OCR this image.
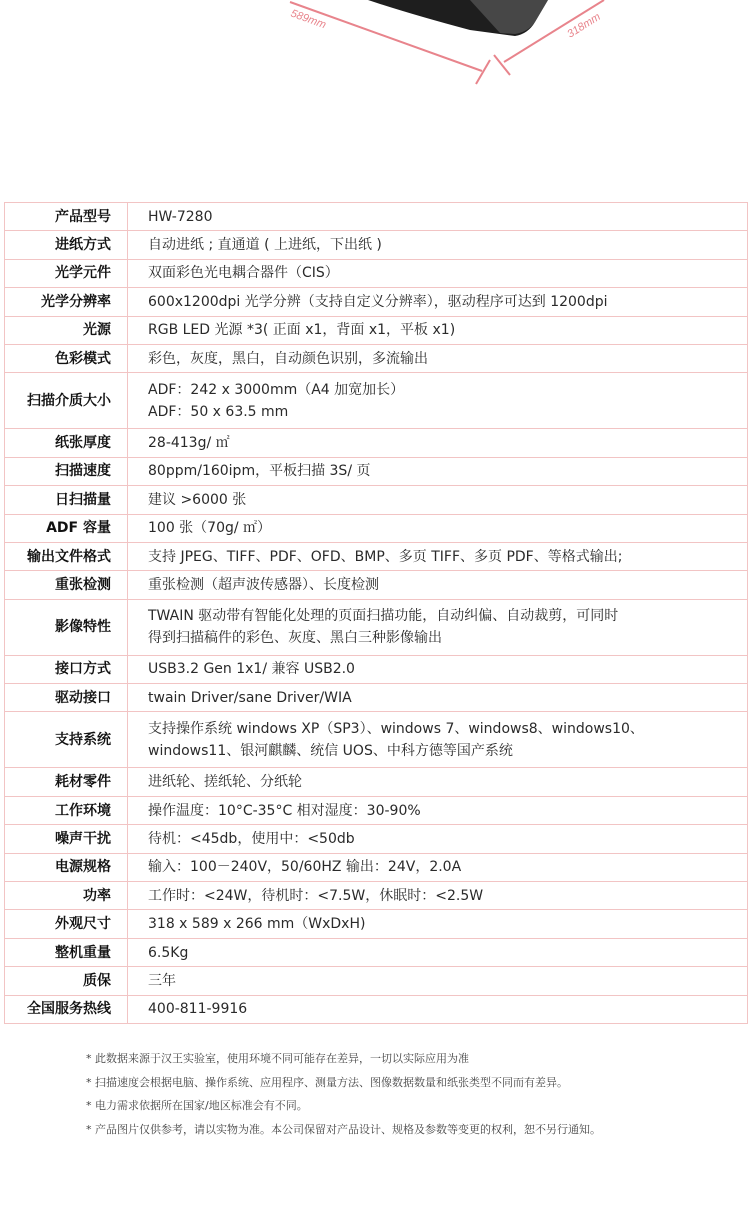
589mm	318mm
产品型号	HW-7280
进纸方式	自动进纸 ; 直通道 ( 上进纸，下出纸 )
光学元件	双面彩色光电耦合器件（CIS）
光学分辨率	600x1200dpi 光学分辨（支持自定义分辨率），驱动程序可达到 1200dpi
光源	RGB LED 光源 *3( 正面 x1，背面 x1，平板 x1)
色彩模式	彩色，灰度，黑白，自动颜色识别，多流输出
扫描介质大小	ADF：242 x 3000mm（A4 加宽加长）
ADF：50 x 63.5 mm
纸张厚度	28-413g/ ㎡
扫描速度	80ppm/160ipm，平板扫描 3S/ 页
日扫描量	建议 >6000 张
ADF 容量	100 张（70g/ ㎡）
输出文件格式	支持 JPEG、TIFF、PDF、OFD、BMP、多页 TIFF、多页 PDF、等格式输出;
重张检测	重张检测（超声波传感器）、长度检测
影像特性	TWAIN 驱动带有智能化处理的页面扫描功能，自动纠偏、自动裁剪，可同时
得到扫描稿件的彩色、灰度、黑白三种影像输出
接口方式	USB3.2 Gen 1x1/ 兼容 USB2.0
驱动接口	twain Driver/sane Driver/WIA
支持系统	支持操作系统 windows XP（SP3）、windows 7、windows8、windows10、
windows11、银河麒麟、统信 UOS、中科方德等国产系统
耗材零件	进纸轮、搓纸轮、分纸轮
工作环境	操作温度：10°C-35°C 相对湿度：30-90%
噪声干扰	待机：<45db，使用中：<50db
电源规格	输入：100－240V，50/60HZ 输出：24V，2.0A
功率	工作时：<24W，待机时：<7.5W，休眠时：<2.5W
外观尺寸	318 x 589 x 266 mm（WxDxH)
整机重量	6.5Kg
质保	三年
全国服务热线	400-811-9916
* 此数据来源于汉王实验室，使用环境不同可能存在差异，一切以实际应用为准
* 扫描速度会根据电脑、操作系统、应用程序、测量方法、图像数据数量和纸张类型不同而有差异。
* 电力需求依据所在国家/地区标准会有不同。
* 产品图片仅供参考，请以实物为准。本公司保留对产品设计、规格及参数等变更的权利，恕不另行通知。
